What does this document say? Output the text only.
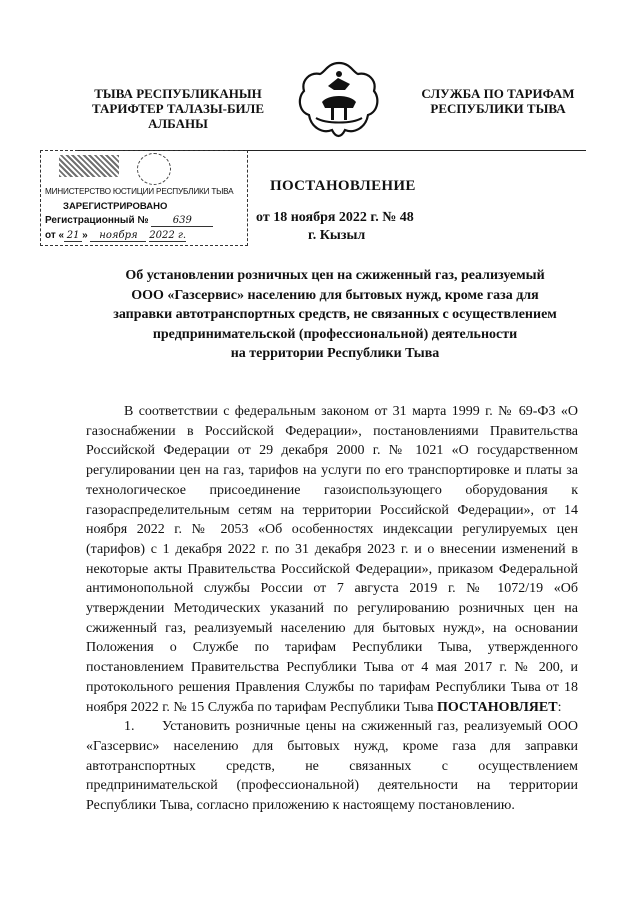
ТЫВА РЕСПУБЛИКАНЫН
ТАРИФТЕР ТАЛАЗЫ-БИЛЕ
АЛБАНЫ
СЛУЖБА ПО ТАРИФАМ
РЕСПУБЛИКИ ТЫВА
МИНИСТЕРСТВО ЮСТИЦИИ РЕСПУБЛИКИ ТЫВА
ЗАРЕГИСТРИРОВАНО
Регистрационный № 639
от « 21 » ноября 2022 г.
ПОСТАНОВЛЕНИЕ
от 18 ноября 2022 г. № 48
г. Кызыл
Об установлении розничных цен на сжиженный газ, реализуемый
ООО «Газсервис» населению для бытовых нужд, кроме газа для
заправки автотранспортных средств, не связанных с осуществлением
предпринимательской (профессиональной) деятельности
на территории Республики Тыва

В соответствии с федеральным законом от 31 марта 1999 г. № 69-ФЗ «О газоснабжении в Российской Федерации», постановлениями Правительства Российской Федерации от 29 декабря 2000 г. № 1021 «О государственном регулировании цен на газ, тарифов на услуги по его транспортировке и платы за технологическое присоединение газоиспользующего оборудования к газораспределительным сетям на территории Российской Федерации», от 14 ноября 2022 г. № 2053 «Об особенностях индексации регулируемых цен (тарифов) с 1 декабря 2022 г. по 31 декабря 2023 г. и о внесении изменений в некоторые акты Правительства Российской Федерации», приказом Федеральной антимонопольной службы России от 7 августа 2019 г. № 1072/19 «Об утверждении Методических указаний по регулированию розничных цен на сжиженный газ, реализуемый населению для бытовых нужд», на основании Положения о Службе по тарифам Республики Тыва, утвержденного постановлением Правительства Республики Тыва от 4 мая 2017 г. № 200, и протокольного решения Правления Службы по тарифам Республики Тыва от 18 ноября 2022 г. № 15 Служба по тарифам Республики Тыва ПОСТАНОВЛЯЕТ:

1.     Установить розничные цены на сжиженный газ, реализуемый ООО «Газсервис» населению для бытовых нужд, кроме газа для заправки автотранспортных средств, не связанных с осуществлением предпринимательской (профессиональной) деятельности на территории Республики Тыва, согласно приложению к настоящему постановлению.
